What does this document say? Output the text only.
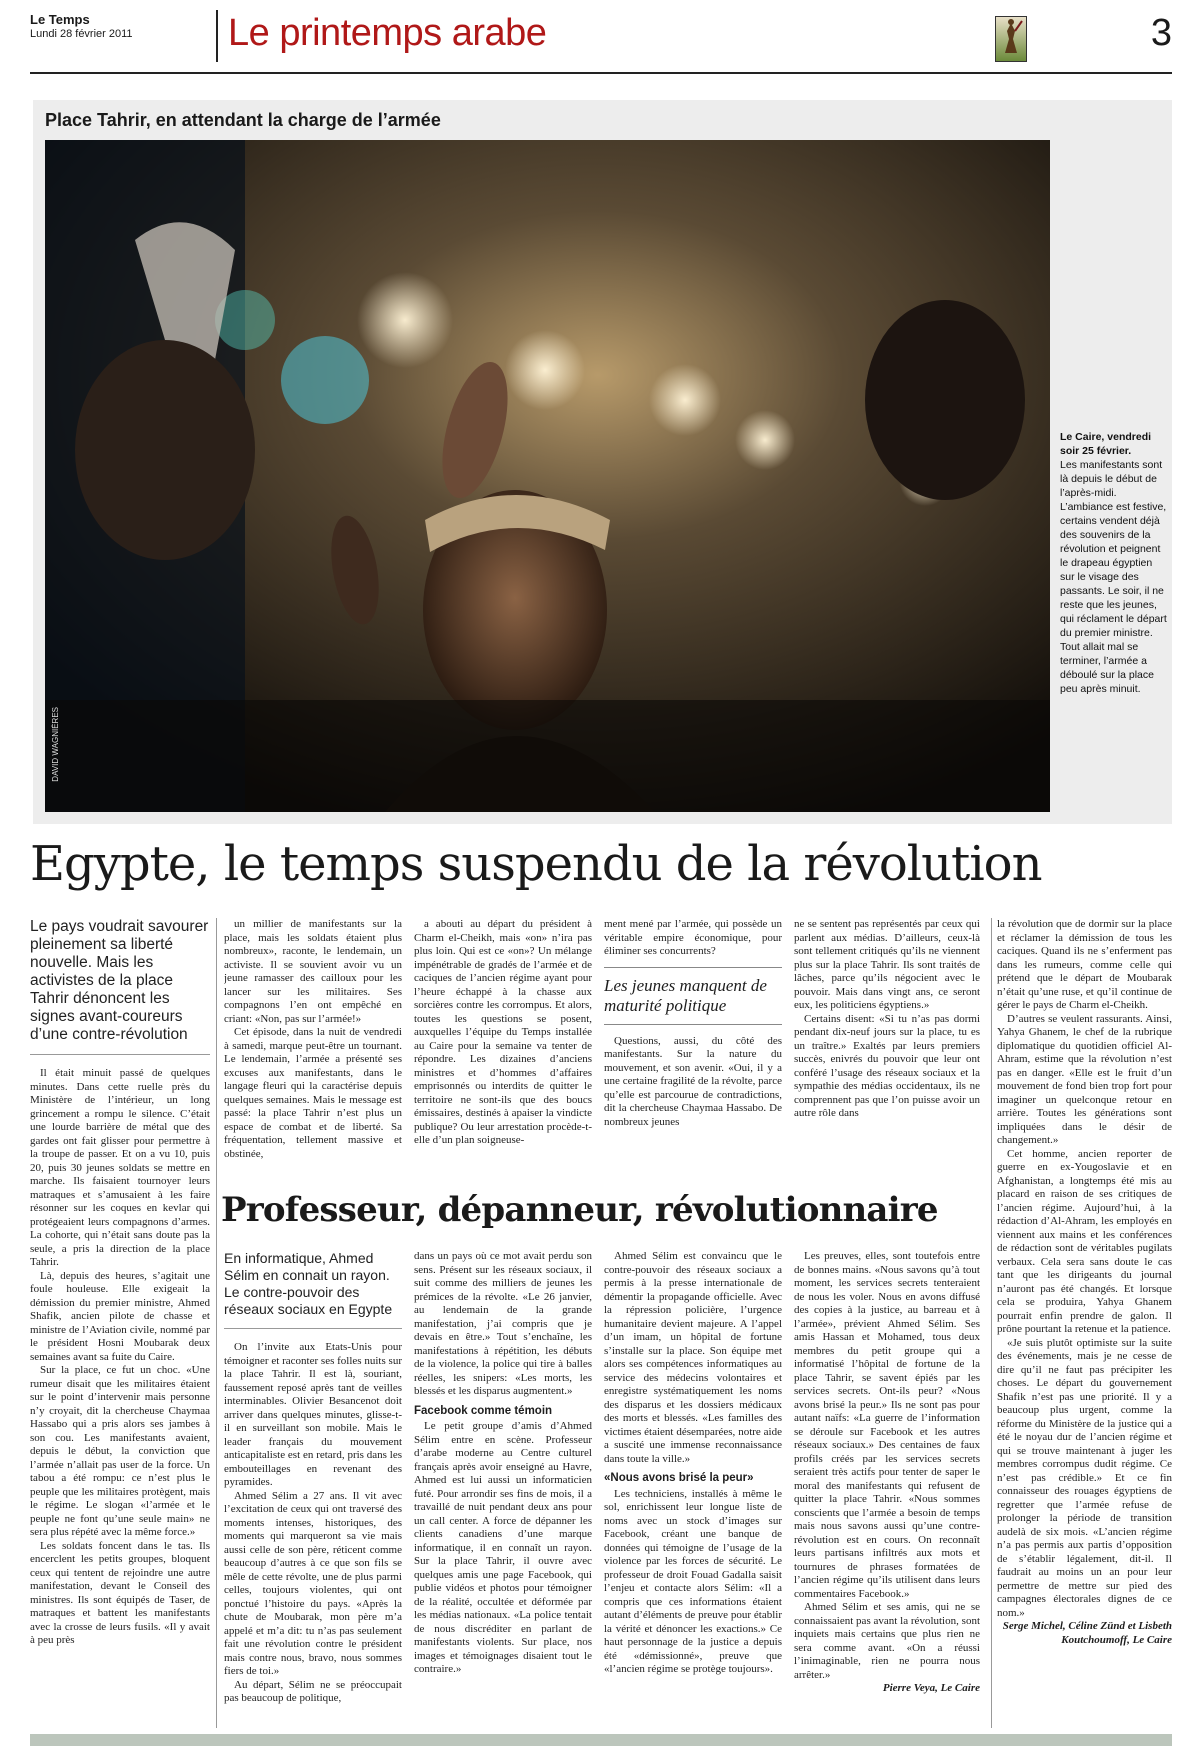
Le Temps
Lundi 28 février 2011	Le printemps arabe	3
Place Tahrir, en attendant la charge de l’armée
DAVID WAGNIÈRES
Le Caire, vendredi soir 25 février.
Les manifestants sont là depuis le début de l’après-midi. L’ambiance est festive, certains vendent déjà des souvenirs de la révolution et peignent le drapeau égyptien sur le visage des passants. Le soir, il ne reste que les jeunes, qui réclament le départ du premier ministre. Tout allait mal se terminer, l’armée a déboulé sur la place peu après minuit.
Egypte, le temps suspendu de la révolution
Le pays voudrait savourer pleinement sa liberté nouvelle. Mais les activistes de la place Tahrir dénoncent les signes avant-coureurs d’une contre-révolution

Il était minuit passé de quelques minutes. Dans cette ruelle près du Ministère de l’intérieur, un long grincement a rompu le silence. C’était une lourde barrière de métal que des gardes ont fait glisser pour permettre à la troupe de passer. Et on a vu 10, puis 20, puis 30 jeunes soldats se mettre en marche. Ils faisaient tournoyer leurs matraques et s’amusaient à les faire résonner sur les coques en kevlar qui protégeaient leurs compagnons d’armes. La cohorte, qui n’était sans doute pas la seule, a pris la direction de la place Tahrir.

Là, depuis des heures, s’agitait une foule houleuse. Elle exigeait la démission du premier ministre, Ahmed Shafik, ancien pilote de chasse et ministre de l’Aviation civile, nommé par le président Hosni Moubarak deux semaines avant sa fuite du Caire.

Sur la place, ce fut un choc. «Une rumeur disait que les militaires étaient sur le point d’intervenir mais personne n’y croyait, dit la chercheuse Chaymaa Hassabo qui a pris alors ses jambes à son cou. Les manifestants avaient, depuis le début, la conviction que l’armée n’allait pas user de la force. Un tabou a été rompu: ce n’est plus le peuple que les militaires protègent, mais le régime. Le slogan «l’armée et le peuple ne font qu’une seule main» ne sera plus répété avec la même force.»

Les soldats foncent dans le tas. Ils encerclent les petits groupes, bloquent ceux qui tentent de rejoindre une autre manifestation, devant le Conseil des ministres. Ils sont équipés de Taser, de matraques et battent les manifestants avec la crosse de leurs fusils. «Il y avait à peu près

un millier de manifestants sur la place, mais les soldats étaient plus nombreux», raconte, le lendemain, un activiste. Il se souvient avoir vu un jeune ramasser des cailloux pour les lancer sur les militaires. Ses compagnons l’en ont empêché en criant: «Non, pas sur l’armée!»

Cet épisode, dans la nuit de vendredi à samedi, marque peut-être un tournant. Le lendemain, l’armée a présenté ses excuses aux manifestants, dans le langage fleuri qui la caractérise depuis quelques semaines. Mais le message est passé: la place Tahrir n’est plus un espace de combat et de liberté. Sa fréquentation, tellement massive et obstinée,

a abouti au départ du président à Charm el-Cheikh, mais «on» n’ira pas plus loin. Qui est ce «on»? Un mélange impénétrable de gradés de l’armée et de caciques de l’ancien régime ayant pour l’heure échappé à la chasse aux sorcières contre les corrompus. Et alors, toutes les questions se posent, auxquelles l’équipe du Temps installée au Caire pour la semaine va tenter de répondre. Les dizaines d’anciens ministres et d’hommes d’affaires emprisonnés ou interdits de quitter le territoire ne sont-ils que des boucs émissaires, destinés à apaiser la vindicte publique? Ou leur arrestation procède-t-elle d’un plan soigneuse-

ment mené par l’armée, qui possède un véritable empire économique, pour éliminer ses concurrents?

Les jeunes manquent de maturité politique

Questions, aussi, du côté des manifestants. Sur la nature du mouvement, et son avenir. «Oui, il y a une certaine fragilité de la révolte, parce qu’elle est parcourue de contradictions, dit la chercheuse Chaymaa Hassabo. De nombreux jeunes

ne se sentent pas représentés par ceux qui parlent aux médias. D’ailleurs, ceux-là sont tellement critiqués qu’ils ne viennent plus sur la place Tahrir. Ils sont traités de lâches, parce qu’ils négocient avec le pouvoir. Mais dans vingt ans, ce seront eux, les politiciens égyptiens.»

Certains disent: «Si tu n’as pas dormi pendant dix-neuf jours sur la place, tu es un traître.» Exaltés par leurs premiers succès, enivrés du pouvoir que leur ont conféré l’usage des réseaux sociaux et la sympathie des médias occidentaux, ils ne comprennent pas que l’on puisse avoir un autre rôle dans

la révolution que de dormir sur la place et réclamer la démission de tous les caciques. Quand ils ne s’enferment pas dans les rumeurs, comme celle qui prétend que le départ de Moubarak n’était qu’une ruse, et qu’il continue de gérer le pays de Charm el-Cheikh.

D’autres se veulent rassurants. Ainsi, Yahya Ghanem, le chef de la rubrique diplomatique du quotidien officiel Al-Ahram, estime que la révolution n’est pas en danger. «Elle est le fruit d’un mouvement de fond bien trop fort pour imaginer un quelconque retour en arrière. Toutes les générations sont impliquées dans le désir de changement.»

Cet homme, ancien reporter de guerre en ex-Yougoslavie et en Afghanistan, a longtemps été mis au placard en raison de ses critiques de l’ancien régime. Aujourd’hui, à la rédaction d’Al-Ahram, les employés en viennent aux mains et les conférences de rédaction sont de véritables pugilats verbaux. Cela sera sans doute le cas tant que les dirigeants du journal n’auront pas été changés. Et lorsque cela se produira, Yahya Ghanem pourrait enfin prendre de galon. Il prône pourtant la retenue et la patience.

«Je suis plutôt optimiste sur la suite des événements, mais je ne cesse de dire qu’il ne faut pas précipiter les choses. Le départ du gouvernement Shafik n’est pas une priorité. Il y a beaucoup plus urgent, comme la réforme du Ministère de la justice qui a été le noyau dur de l’ancien régime et qui se trouve maintenant à juger les membres corrompus dudit régime. Ce n’est pas crédible.» Et ce fin connaisseur des rouages égyptiens de regretter que l’armée refuse de prolonger la période de transition audelà de six mois. «L’ancien régime n’a pas permis aux partis d’opposition de s’établir légalement, dit-il. Il faudrait au moins un an pour leur permettre de mettre sur pied des campagnes électorales dignes de ce nom.»

Serge Michel, Céline Zünd et Lisbeth Koutchoumoff, Le Caire

Professeur, dépanneur, révolutionnaire
En informatique, Ahmed Sélim en connait un rayon. Le contre-pouvoir des réseaux sociaux en Egypte

On l’invite aux Etats-Unis pour témoigner et raconter ses folles nuits sur la place Tahrir. Il est là, souriant, faussement reposé après tant de veilles interminables. Olivier Besancenot doit arriver dans quelques minutes, glisse-t-il en surveillant son mobile. Mais le leader français du mouvement anticapitaliste est en retard, pris dans les embouteillages en revenant des pyramides.

Ahmed Sélim a 27 ans. Il vit avec l’excitation de ceux qui ont traversé des moments intenses, historiques, des moments qui marqueront sa vie mais aussi celle de son père, réticent comme beaucoup d’autres à ce que son fils se mêle de cette révolte, une de plus parmi celles, toujours violentes, qui ont ponctué l’histoire du pays. «Après la chute de Moubarak, mon père m’a appelé et m’a dit: tu n’as pas seulement fait une révolution contre le président mais contre nous, bravo, nous sommes fiers de toi.»

Au départ, Sélim ne se préoccupait pas beaucoup de politique,

dans un pays où ce mot avait perdu son sens. Présent sur les réseaux sociaux, il suit comme des milliers de jeunes les prémices de la révolte. «Le 26 janvier, au lendemain de la grande manifestation, j’ai compris que je devais en être.» Tout s’enchaîne, les manifestations à répétition, les débuts de la violence, la police qui tire à balles réelles, les snipers: «Les morts, les blessés et les disparus augmentent.»

Facebook comme témoin

Le petit groupe d’amis d’Ahmed Sélim entre en scène. Professeur d’arabe moderne au Centre culturel français après avoir enseigné au Havre, Ahmed est lui aussi un informaticien futé. Pour arrondir ses fins de mois, il a travaillé de nuit pendant deux ans pour un call center. A force de dépanner les clients canadiens d’une marque informatique, il en connaît un rayon. Sur la place Tahrir, il ouvre avec quelques amis une page Facebook, qui publie vidéos et photos pour témoigner de la réalité, occultée et déformée par les médias nationaux. «La police tentait de nous discréditer en parlant de manifestants violents. Sur place, nos images et témoignages disaient tout le contraire.»

Ahmed Sélim est convaincu que le contre-pouvoir des réseaux sociaux a permis à la presse internationale de démentir la propagande officielle. Avec la répression policière, l’urgence humanitaire devient majeure. A l’appel d’un imam, un hôpital de fortune s’installe sur la place. Son équipe met alors ses compétences informatiques au service des médecins volontaires et enregistre systématiquement les noms des disparus et les dossiers médicaux des morts et blessés. «Les familles des victimes étaient désemparées, notre aide a suscité une immense reconnaissance dans toute la ville.»

«Nous avons brisé la peur»

Les techniciens, installés à même le sol, enrichissent leur longue liste de noms avec un stock d’images sur Facebook, créant une banque de données qui témoigne de l’usage de la violence par les forces de sécurité. Le professeur de droit Fouad Gadalla saisit l’enjeu et contacte alors Sélim: «Il a compris que ces informations étaient autant d’éléments de preuve pour établir la vérité et dénoncer les exactions.» Ce haut personnage de la justice a depuis été «démissionné», preuve que «l’ancien régime se protège toujours».

Les preuves, elles, sont toutefois entre de bonnes mains. «Nous savons qu’à tout moment, les services secrets tenteraient de nous les voler. Nous en avons diffusé des copies à la justice, au barreau et à l’armée», prévient Ahmed Sélim. Ses amis Hassan et Mohamed, tous deux membres du petit groupe qui a informatisé l’hôpital de fortune de la place Tahrir, se savent épiés par les services secrets. Ont-ils peur? «Nous avons brisé la peur.» Ils ne sont pas pour autant naïfs: «La guerre de l’information se déroule sur Facebook et les autres réseaux sociaux.» Des centaines de faux profils créés par les services secrets seraient très actifs pour tenter de saper le moral des manifestants qui refusent de quitter la place Tahrir. «Nous sommes conscients que l’armée a besoin de temps mais nous savons aussi qu’une contre-révolution est en cours. On reconnaît leurs partisans infiltrés aux mots et tournures de phrases formatées de l’ancien régime qu’ils utilisent dans leurs commentaires Facebook.»

Ahmed Sélim et ses amis, qui ne se connaissaient pas avant la révolution, sont inquiets mais certains que plus rien ne sera comme avant. «On a réussi l’inimaginable, rien ne pourra nous arrêter.»

Pierre Veya, Le Caire
